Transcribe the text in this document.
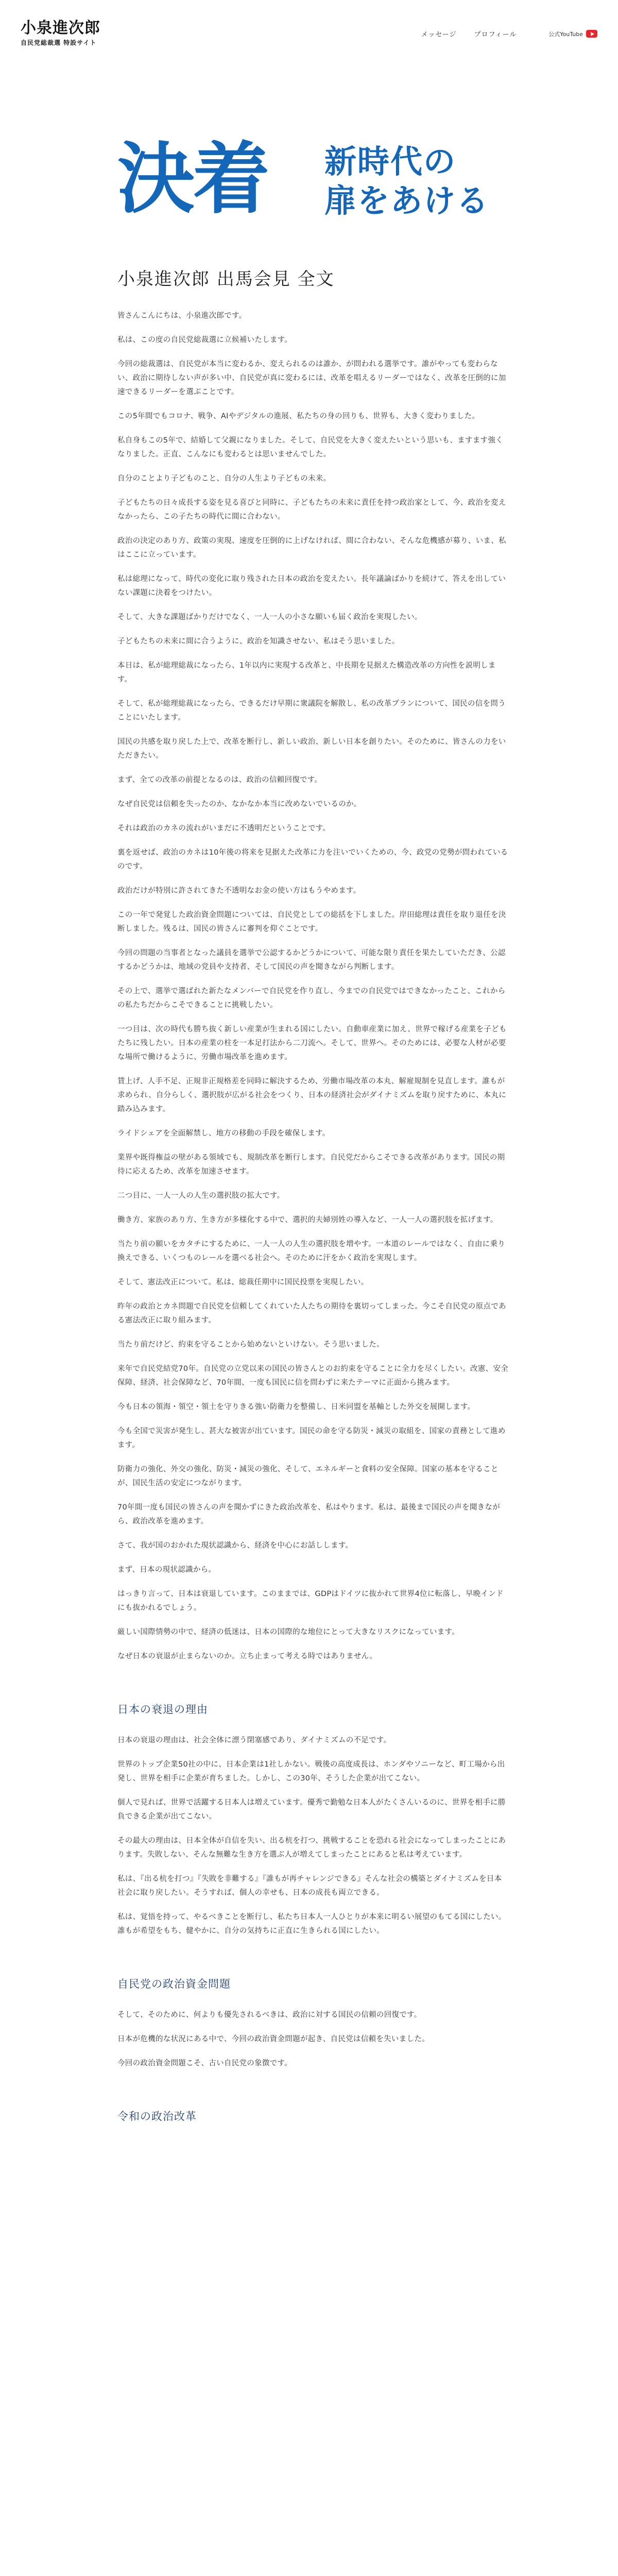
小泉進次郎
自民党総裁選 特設サイト
メッセージ	プロフィール	公式YouTube
決着 新時代の
扉をあける
小泉進次郎 出馬会見 全文

皆さんこんにちは、小泉進次郎です。

私は、この度の自民党総裁選に立候補いたします。

今回の総裁選は、自民党が本当に変わるか、変えられるのは誰か、が問われる選挙です。誰がやっても変わらない、政治に期待しない声が多い中、自民党が真に変わるには、改革を唱えるリーダーではなく、改革を圧倒的に加速できるリーダーを選ぶことです。

この5年間でもコロナ、戦争、AIやデジタルの進展、私たちの身の回りも、世界も、大きく変わりました。

私自身もこの5年で、結婚して父親になりました。そして、自民党を大きく変えたいという思いも、ますます強くなりました。正直、こんなにも変わるとは思いませんでした。

自分のことより子どものこと、自分の人生より子どもの未来。

子どもたちの日々成長する姿を見る喜びと同時に、子どもたちの未来に責任を持つ政治家として、今、政治を変えなかったら、この子たちの時代に間に合わない。

政治の決定のあり方、政策の実現、速度を圧倒的に上げなければ、間に合わない、そんな危機感が募り、いま、私はここに立っています。

私は総理になって、時代の変化に取り残された日本の政治を変えたい。長年議論ばかりを続けて、答えを出していない課題に決着をつけたい。

そして、大きな課題ばかりだけでなく、一人一人の小さな願いも届く政治を実現したい。

子どもたちの未来に間に合うように、政治を知識させない、私はそう思いました。

本日は、私が総理総裁になったら、1年以内に実現する改革と、中長期を見据えた構造改革の方向性を説明します。

そして、私が総理総裁になったら、できるだけ早期に衆議院を解散し、私の改革プランについて、国民の信を問うことにいたします。

国民の共感を取り戻した上で、改革を断行し、新しい政治、新しい日本を創りたい。そのために、皆さんの力をいただきたい。

まず、全ての改革の前提となるのは、政治の信頼回復です。

なぜ自民党は信頼を失ったのか、なかなか本当に改めないでいるのか。

それは政治のカネの流れがいまだに不透明だということです。

裏を返せば、政治のカネは10年後の将来を見据えた改革に力を注いでいくための、今、政党の党勢が問われているのです。

政治だけが特別に許されてきた不透明なお金の使い方はもうやめます。

この一年で発覚した政治資金問題については、自民党としての総括を下しました。岸田総理は責任を取り退任を決断しました。残るは、国民の皆さんに審判を仰ぐことです。

今回の問題の当事者となった議員を選挙で公認するかどうかについて、可能な限り責任を果たしていただき、公認するかどうかは、地域の党員や支持者、そして国民の声を聞きながら判断します。

その上で、選挙で選ばれた新たなメンバーで自民党を作り直し、今までの自民党ではできなかったこと、これからの私たちだからこそできることに挑戦したい。

一つ目は、次の時代も勝ち抜く新しい産業が生まれる国にしたい。自動車産業に加え、世界で稼げる産業を子どもたちに残したい。日本の産業の柱を一本足打法から二刀流へ。そして、世界へ。そのためには、必要な人材が必要な場所で働けるように、労働市場改革を進めます。

賃上げ、人手不足、正規非正規格差を同時に解決するため、労働市場改革の本丸、解雇規制を見直します。誰もが求められ、自分らしく、選択肢が広がる社会をつくり、日本の経済社会がダイナミズムを取り戻すために、本丸に踏み込みます。

ライドシェアを全面解禁し、地方の移動の手段を確保します。

業界や既得権益の壁がある領域でも、規制改革を断行します。自民党だからこそできる改革があります。国民の期待に応えるため、改革を加速させます。

二つ目に、一人一人の人生の選択肢の拡大です。

働き方、家族のあり方、生き方が多様化する中で、選択的夫婦別姓の導入など、一人一人の選択肢を拡げます。

当たり前の願いをカタチにするために、一人一人の人生の選択肢を増やす。一本道のレールではなく、自由に乗り換えできる、いくつものレールを選べる社会へ。そのために汗をかく政治を実現します。

そして、憲法改正について。私は、総裁任期中に国民投票を実現したい。

昨年の政治とカネ問題で自民党を信頼してくれていた人たちの期待を裏切ってしまった。今こそ自民党の原点である憲法改正に取り組みます。

当たり前だけど、約束を守ることから始めないといけない。そう思いました。

来年で自民党結党70年。自民党の立党以来の国民の皆さんとのお約束を守ることに全力を尽くしたい。改憲、安全保障、経済、社会保障など、70年間、一度も国民に信を問わずに来たテーマに正面から挑みます。

今も日本の領海・領空・領土を守りきる強い防衛力を整備し、日米同盟を基軸とした外交を展開します。

今も全国で災害が発生し、甚大な被害が出ています。国民の命を守る防災・減災の取組を、国家の責務として進めます。

防衛力の強化、外交の強化、防災・減災の強化、そして、エネルギーと食料の安全保障。国家の基本を守ることが、国民生活の安定につながります。

70年間一度も国民の皆さんの声を聞かずにきた政治改革を、私はやります。私は、最後まで国民の声を聞きながら、政治改革を進めます。

さて、我が国のおかれた現状認識から、経済を中心にお話しします。

まず、日本の現状認識から。

はっきり言って、日本は衰退しています。このままでは、GDPはドイツに抜かれて世界4位に転落し、早晩インドにも抜かれるでしょう。

厳しい国際情勢の中で、経済の低迷は、日本の国際的な地位にとって大きなリスクになっています。

なぜ日本の衰退が止まらないのか。立ち止まって考える時ではありません。

日本の衰退の理由

日本の衰退の理由は、社会全体に漂う閉塞感であり、ダイナミズムの不足です。

世界のトップ企業50社の中に、日本企業は1社しかない。戦後の高度成長は、ホンダやソニーなど、町工場から出発し、世界を相手に企業が育ちました。しかし、この30年、そうした企業が出てこない。

個人で見れば、世界で活躍する日本人は増えています。優秀で勤勉な日本人がたくさんいるのに、世界を相手に勝負できる企業が出てこない。

その最大の理由は、日本全体が自信を失い、出る杭を打つ、挑戦することを恐れる社会になってしまったことにあります。失敗しない、そんな無難な生き方を選ぶ人が増えてしまったことにあると私は考えています。

私は、『出る杭を打つ』『失敗を非難する』『誰もが再チャレンジできる』そんな社会の構築とダイナミズムを日本社会に取り戻したい。そうすれば、個人の幸せも、日本の成長も両立できる。

私は、覚悟を持って、やるべきことを断行し、私たち日本人一人ひとりが本来に明るい展望のもてる国にしたい。誰もが希望をもち、健やかに、自分の気持ちに正直に生きられる国にしたい。

自民党の政治資金問題

そして、そのために、何よりも優先されるべきは、政治に対する国民の信頼の回復です。

日本が危機的な状況にある中で、今回の政治資金問題が起き、自民党は信頼を失いました。

今回の政治資金問題こそ、古い自民党の象徴です。

令和の政治改革
